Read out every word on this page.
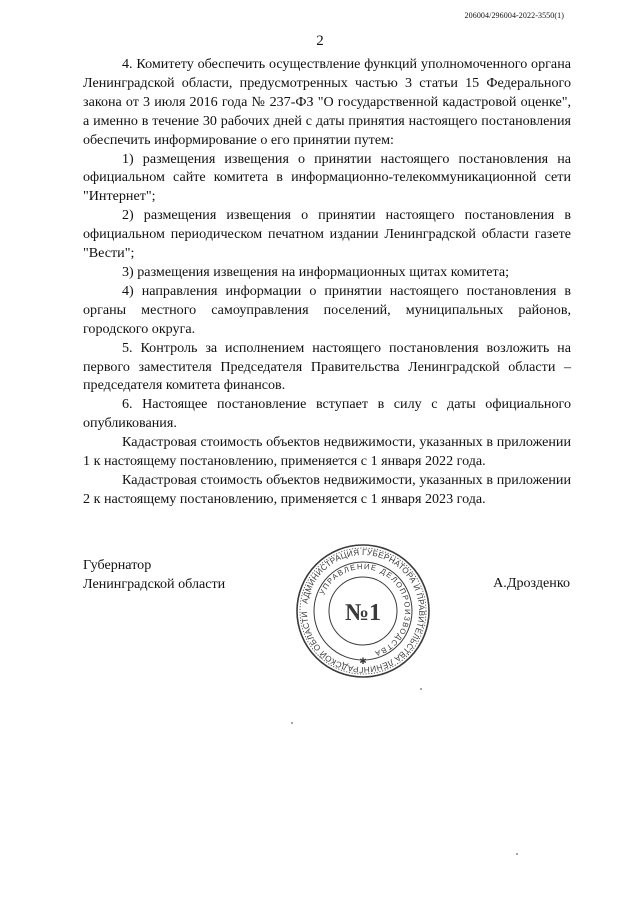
206004/296004-2022-3550(1)
2

4. Комитету обеспечить осуществление функций уполномоченного органа Ленинградской области, предусмотренных частью 3 статьи 15 Федерального закона от 3 июля 2016 года № 237-ФЗ "О государственной кадастровой оценке", а именно в течение 30 рабочих дней с даты принятия настоящего постановления обеспечить информирование о его принятии путем:

1) размещения извещения о принятии настоящего постановления на официальном сайте комитета в информационно-телекоммуникационной сети "Интернет";

2) размещения извещения о принятии настоящего постановления в официальном периодическом печатном издании Ленинградской области газете "Вести";

3) размещения извещения на информационных щитах комитета;

4) направления информации о принятии настоящего постановления в органы местного самоуправления поселений, муниципальных районов, городского округа.

5. Контроль за исполнением настоящего постановления возложить на первого заместителя Председателя Правительства Ленинградской области – председателя комитета финансов.

6. Настоящее постановление вступает в силу с даты официального опубликования.

Кадастровая стоимость объектов недвижимости, указанных в приложении 1 к настоящему постановлению, применяется с 1 января 2022 года.

Кадастровая стоимость объектов недвижимости, указанных в приложении 2 к настоящему постановлению, применяется с 1 января 2023 года.

Губернатор
Ленинградской области	А.Дрозденко
АДМИНИСТРАЦИЯ ГУБЕРНАТОРА И ПРАВИТЕЛЬСТВА ЛЕНИНГРАДСКОЙ ОБЛАСТИ
УПРАВЛЕНИЕ ДЕЛОПРОИЗВОДСТВА
№1
✱
